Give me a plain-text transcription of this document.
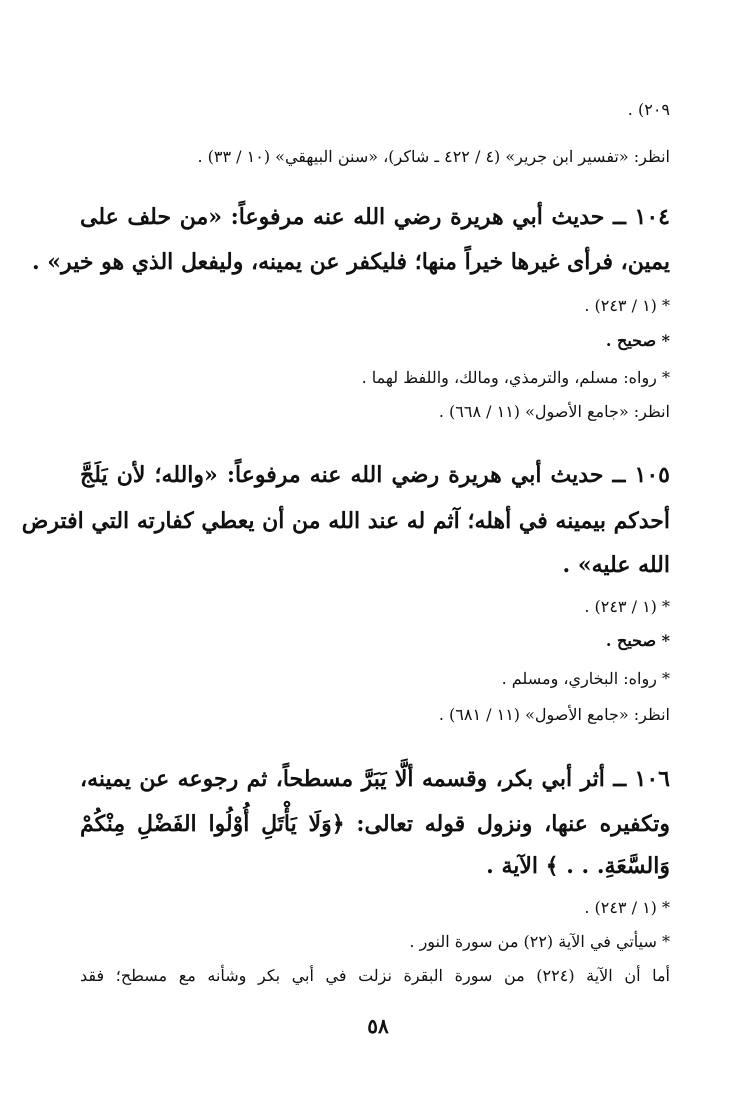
٢٠٩) .
انظر: «تفسير ابن جرير» (٤ / ٤٢٢ ـ شاكر)، «سنن البيهقي» (١٠ / ٣٣) .
١٠٤ ــ حديث أبي هريرة رضي الله عنه مرفوعاً: «من حلف على
يمين، فرأى غيرها خيراً منها؛ فليكفر عن يمينه، وليفعل الذي هو خير» .
* (١ / ٢٤٣) .
* صحيح .
* رواه: مسلم، والترمذي، ومالك، واللفظ لهما .
انظر: «جامع الأصول» (١١ / ٦٦٨) .
١٠٥ ــ حديث أبي هريرة رضي الله عنه مرفوعاً: «والله؛ لأن يَلَجَّ
أحدكم بيمينه في أهله؛ آثم له عند الله من أن يعطي كفارته التي افترض
الله عليه» .
* (١ / ٢٤٣) .
* صحيح .
* رواه: البخاري، ومسلم .
انظر: «جامع الأصول» (١١ / ٦٨١) .
١٠٦ ــ أثر أبي بكر، وقسمه ألَّا يَبَرَّ مسطحاً، ثم رجوعه عن يمينه،
وتكفيره عنها، ونزول قوله تعالى: ﴿وَلَا يَأْتَلِ أُوْلُوا الفَضْلِ مِنْكُمْ
وَالسَّعَةِ. . . ﴾ الآية .
* (١ / ٢٤٣) .
* سيأتي في الآية (٢٢) من سورة النور .
أما أن الآية (٢٢٤) من سورة البقرة نزلت في أبي بكر وشأنه مع مسطح؛ فقد
٥٨
